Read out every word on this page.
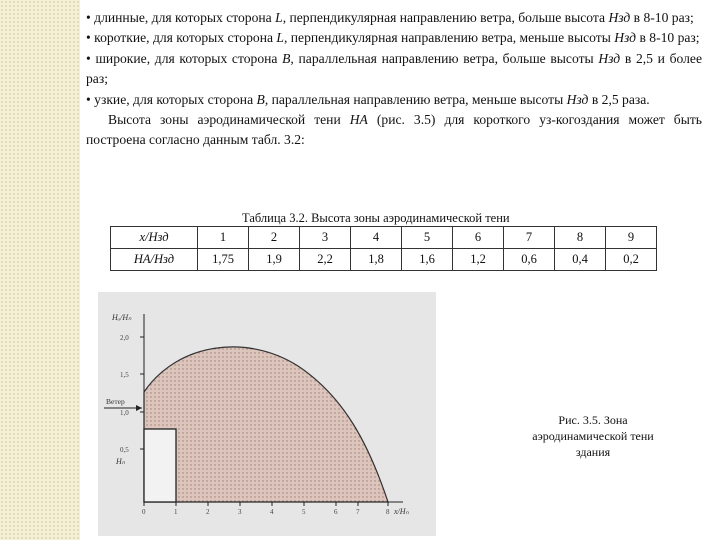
• длинные, для которых сторона L, перпендикулярная направлению ветра, больше высота Нзд в 8-10 раз;

• короткие, для которых сторона L, перпендикулярная направлению ветра, меньше высоты Нзд в 8-10 раз;

• широкие, для которых сторона В, параллельная направлению ветра, больше высоты Нзд в 2,5 и более раз;

• узкие, для которых сторона В, параллельная направлению ветра, меньше высоты Нзд в 2,5 раза.

Высота зоны аэродинамической тени НА (рис. 3.5) для короткого уз-когоздания может быть построена согласно данным табл. 3.2:

Таблица 3.2. Высота зоны аэродинамической тени
x/Нзд	1	2	3	4	5	6	7	8	9
НА/Нзд	1,75	1,9	2,2	1,8	1,6	1,2	0,6	0,4	0,2
Hₐ/Hₙ
2,0
1,5
1,0
0,5
Ветер
Hₙ
0	1	2	3	4	5	6	7	8 x/Hₙ
Рис. 3.5. Зона аэродинамической тени здания
